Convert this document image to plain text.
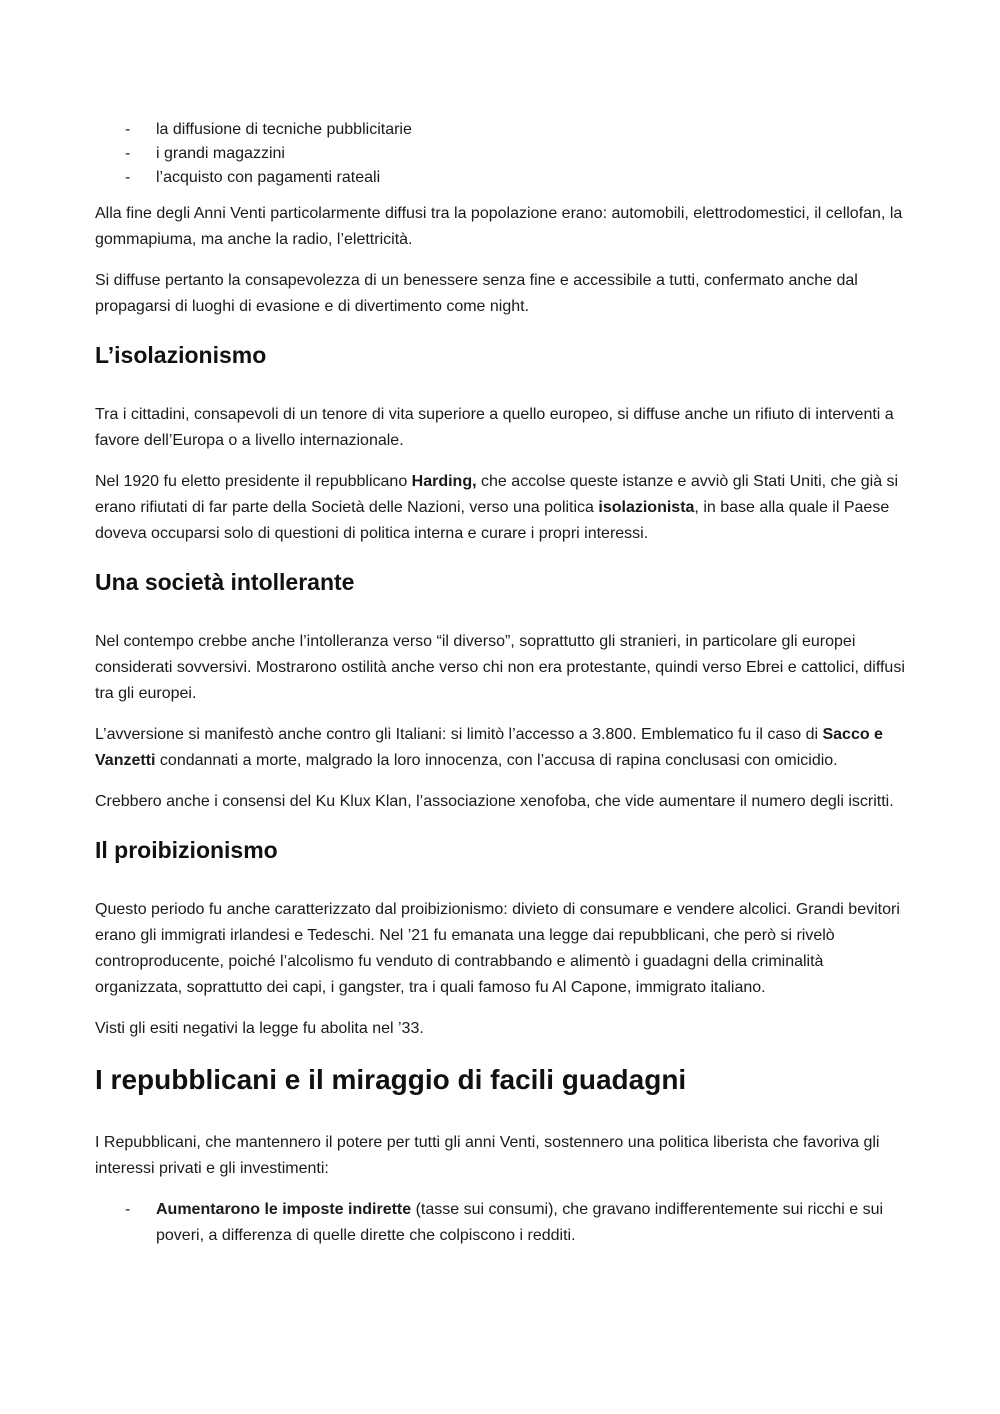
- la diffusione di tecniche pubblicitarie
- i grandi magazzini
- l’acquisto con pagamenti rateali

Alla fine degli Anni Venti particolarmente diffusi tra la popolazione erano: automobili, elettrodomestici, il cellofan, la gommapiuma, ma anche la radio, l’elettricità.

Si diffuse pertanto la consapevolezza di un benessere senza fine e accessibile a tutti, confermato anche dal propagarsi di luoghi di evasione e di divertimento come night.

L’isolazionismo

Tra i cittadini, consapevoli di un tenore di vita superiore a quello europeo, si diffuse anche un rifiuto di interventi a favore dell’Europa o a livello internazionale.

Nel 1920 fu eletto presidente il repubblicano Harding, che accolse queste istanze e avviò gli Stati Uniti, che già si erano rifiutati di far parte della Società delle Nazioni, verso una politica isolazionista, in base alla quale il Paese doveva occuparsi solo di questioni di politica interna e curare i propri interessi.

Una società intollerante

Nel contempo crebbe anche l’intolleranza verso “il diverso”, soprattutto gli stranieri, in particolare gli europei considerati sovversivi. Mostrarono ostilità anche verso chi non era protestante, quindi verso Ebrei e cattolici, diffusi tra gli europei.

L’avversione si manifestò anche contro gli Italiani: si limitò l’accesso a 3.800. Emblematico fu il caso di Sacco e Vanzetti condannati a morte, malgrado la loro innocenza, con l’accusa di rapina conclusasi con omicidio.

Crebbero anche i consensi del Ku Klux Klan, l’associazione xenofoba, che vide aumentare il numero degli iscritti.

Il proibizionismo

Questo periodo fu anche caratterizzato dal proibizionismo: divieto di consumare e vendere alcolici. Grandi bevitori erano gli immigrati irlandesi e Tedeschi. Nel ’21 fu emanata una legge dai repubblicani, che però si rivelò controproducente, poiché l’alcolismo fu venduto di contrabbando e alimentò i guadagni della criminalità organizzata, soprattutto dei capi, i gangster, tra i quali famoso fu Al Capone, immigrato italiano.

Visti gli esiti negativi la legge fu abolita nel ’33.

I repubblicani e il miraggio di facili guadagni

I Repubblicani, che mantennero il potere per tutti gli anni Venti, sostennero una politica liberista che favoriva gli interessi privati e gli investimenti:

- Aumentarono le imposte indirette (tasse sui consumi), che gravano indifferentemente sui ricchi e sui poveri, a differenza di quelle dirette che colpiscono i redditi.
